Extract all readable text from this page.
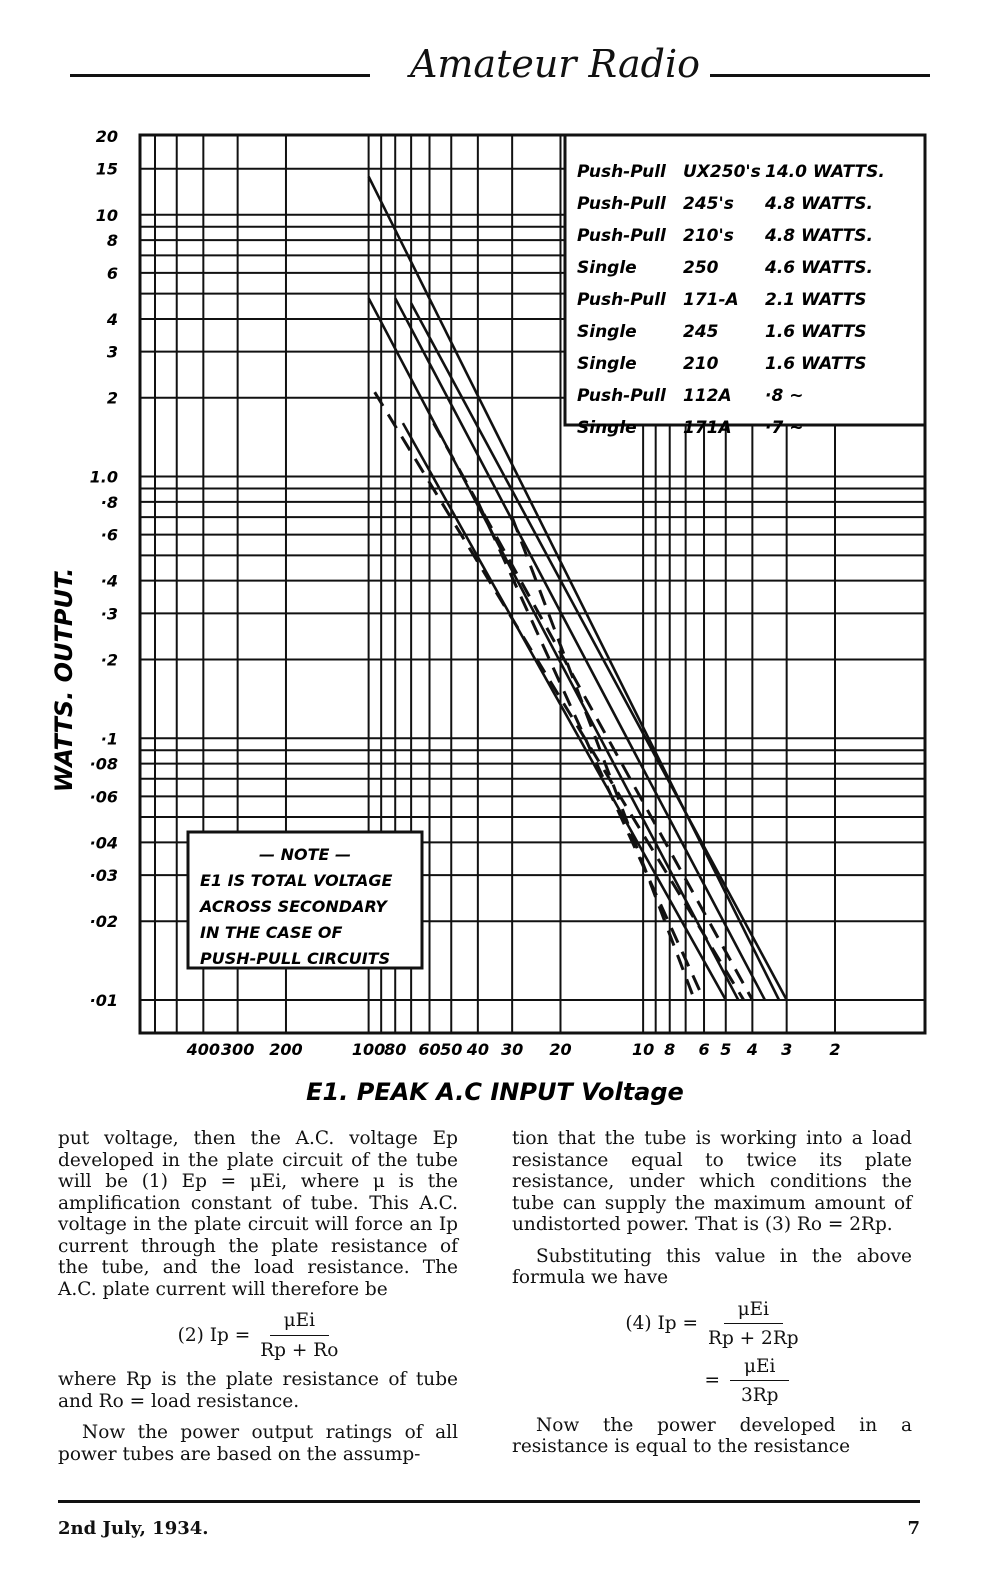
Amateur Radio
400 300 200	100
80 60 50 40 30 20	10 8 6 5 4 3 2
20
15
10
8
6
4
3
2
1.0
·8
·6
·4
·3
·2
·1
·08
·06
·04
·03
·02
·01
Push-Pull UX250's 14.0 WATTS.
Push-Pull 245's 4.8 WATTS.
Push-Pull 210's 4.8 WATTS.
Single	250	4.6 WATTS.
Push-Pull 171-A 2.1 WATTS
Single	245	1.6 WATTS
Single	210	1.6 WATTS
Push-Pull 112A ·8 ~
Single	171A ·7 ~
— NOTE —
E1 IS TOTAL VOLTAGE
ACROSS SECONDARY
IN THE CASE OF
PUSH-PULL CIRCUITS
WATTS. OUTPUT.
E1. PEAK A.C INPUT Voltage

put voltage, then the A.C. voltage Ep developed in the plate circuit of the tube will be (1) Ep = μEi, where μ is the amplification constant of tube. This A.C. voltage in the plate circuit will force an Ip current through the plate resistance of the tube, and the load resistance. The A.C. plate current will therefore be

(2) $Ip = \frac{\text{μEi}}{Rp + Ro}$

where Rp is the plate resistance of tube and Ro = load resistance.

Now the power output ratings of all power tubes are based on the assump-

tion that the tube is working into a load resistance equal to twice its plate resistance, under which conditions the tube can supply the maximum amount of undistorted power. That is (3) Ro = 2Rp.

Substituting this value in the above formula we have

(4) $Ip = \frac{\text{μEi}}{Rp + 2Rp}$
= $\frac{\text{μEi}}{3Rp}$

Now the power developed in a resistance is equal to the resistance

2nd July, 1934.	7
